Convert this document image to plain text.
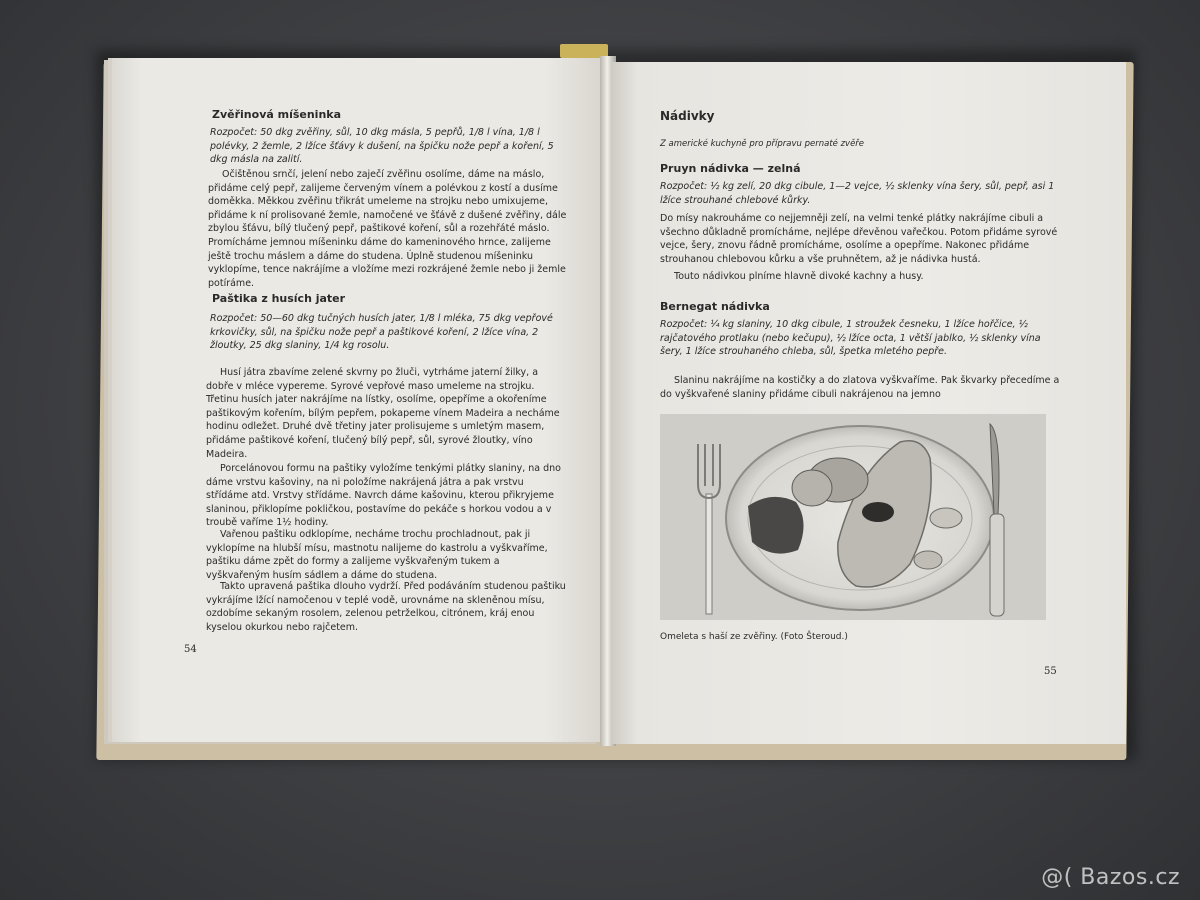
Zvěřinová míšeninka
Rozpočet: 50 dkg zvěřiny, sůl, 10 dkg másla, 5 pepřů, 1/8 l vína, 1/8 l polévky, 2 žemle, 2 lžíce šťávy k dušení, na špičku nože pepř a koření, 5 dkg másla na zalití.
Očištěnou srnčí, jelení nebo zaječí zvěřinu osolíme, dáme na máslo, přidáme celý pepř, zalijeme červeným vínem a polévkou z kostí a dusíme doměkka. Měkkou zvěřinu třikrát umeleme na strojku nebo umixujeme, přidáme k ní prolisované žemle, namočené ve šťávě z dušené zvěřiny, dále zbylou šťávu, bílý tlučený pepř, paštikové koření, sůl a rozehřáté máslo. Promícháme jemnou míšeninku dáme do kameninového hrnce, zalijeme ještě trochu máslem a dáme do studena. Úplně studenou míšeninku vyklopíme, tence nakrájíme a vložíme mezi rozkrájené žemle nebo ji žemle potíráme.
Paštika z husích jater
Rozpočet: 50—60 dkg tučných husích jater, 1/8 l mléka, 75 dkg vepřové krkovičky, sůl, na špičku nože pepř a paštikové koření, 2 lžíce vína, 2 žloutky, 25 dkg slaniny, 1/4 kg rosolu.

Husí játra zbavíme zelené skvrny po žluči, vytrháme jaterní žilky, a dobře v mléce vypereme. Syrové vepřové maso umeleme na strojku. Třetinu husích jater nakrájíme na lístky, osolíme, opepříme a okořeníme paštikovým kořením, bílým pepřem, pokapeme vínem Madeira a necháme hodinu odležet. Druhé dvě třetiny jater prolisujeme s umletým masem, přidáme paštikové koření, tlučený bílý pepř, sůl, syrové žloutky, víno Madeira.

Porcelánovou formu na paštiky vyložíme tenkými plátky slaniny, na dno dáme vrstvu kašoviny, na ni položíme nakrájená játra a pak vrstvu střídáme atd. Vrstvy střídáme. Navrch dáme kašovinu, kterou přikryjeme slaninou, přiklopíme pokličkou, postavíme do pekáče s horkou vodou a v troubě vaříme 1½ hodiny.

Vařenou paštiku odklopíme, necháme trochu prochladnout, pak ji vyklopíme na hlubší mísu, mastnotu nalijeme do kastrolu a vyškvaříme, paštiku dáme zpět do formy a zalijeme vyškvařeným tukem a vyškvařeným husím sádlem a dáme do studena.

Takto upravená paštika dlouho vydrží. Před podáváním studenou paštiku vykrájíme lžící namočenou v teplé vodě, urovnáme na skleněnou mísu, ozdobíme sekaným rosolem, zelenou petrželkou, citrónem, kráj enou kyselou okurkou nebo rajčetem.

54
Nádivky
Z americké kuchyně pro přípravu pernaté zvěře
Pruyn nádivka — zelná
Rozpočet: ½ kg zelí, 20 dkg cibule, 1—2 vejce, ½ sklenky vína šery, sůl, pepř, asi 1 lžíce strouhané chlebové kůrky.

Do mísy nakrouháme co nejjemněji zelí, na velmi tenké plátky nakrájíme cibuli a všechno důkladně promícháme, nejlépe dřevěnou vařečkou. Potom přidáme syrové vejce, šery, znovu řádně promícháme, osolíme a opepříme. Nakonec přidáme strouhanou chlebovou kůrku a vše pruhnětem, až je nádivka hustá.

Touto nádivkou plníme hlavně divoké kachny a husy.

Bernegat nádivka
Rozpočet: ¼ kg slaniny, 10 dkg cibule, 1 stroužek česneku, 1 lžíce hořčice, ½ rajčatového protlaku (nebo kečupu), ½ lžíce octa, 1 větší jablko, ½ sklenky vína šery, 1 lžíce strouhaného chleba, sůl, špetka mletého pepře.

Slaninu nakrájíme na kostičky a do zlatova vyškvaříme. Pak škvarky přecedíme a do vyškvařené slaniny přidáme cibuli nakrájenou na jemno

Omeleta s haší ze zvěřiny. (Foto Šteroud.)
55
@( Bazos.cz
